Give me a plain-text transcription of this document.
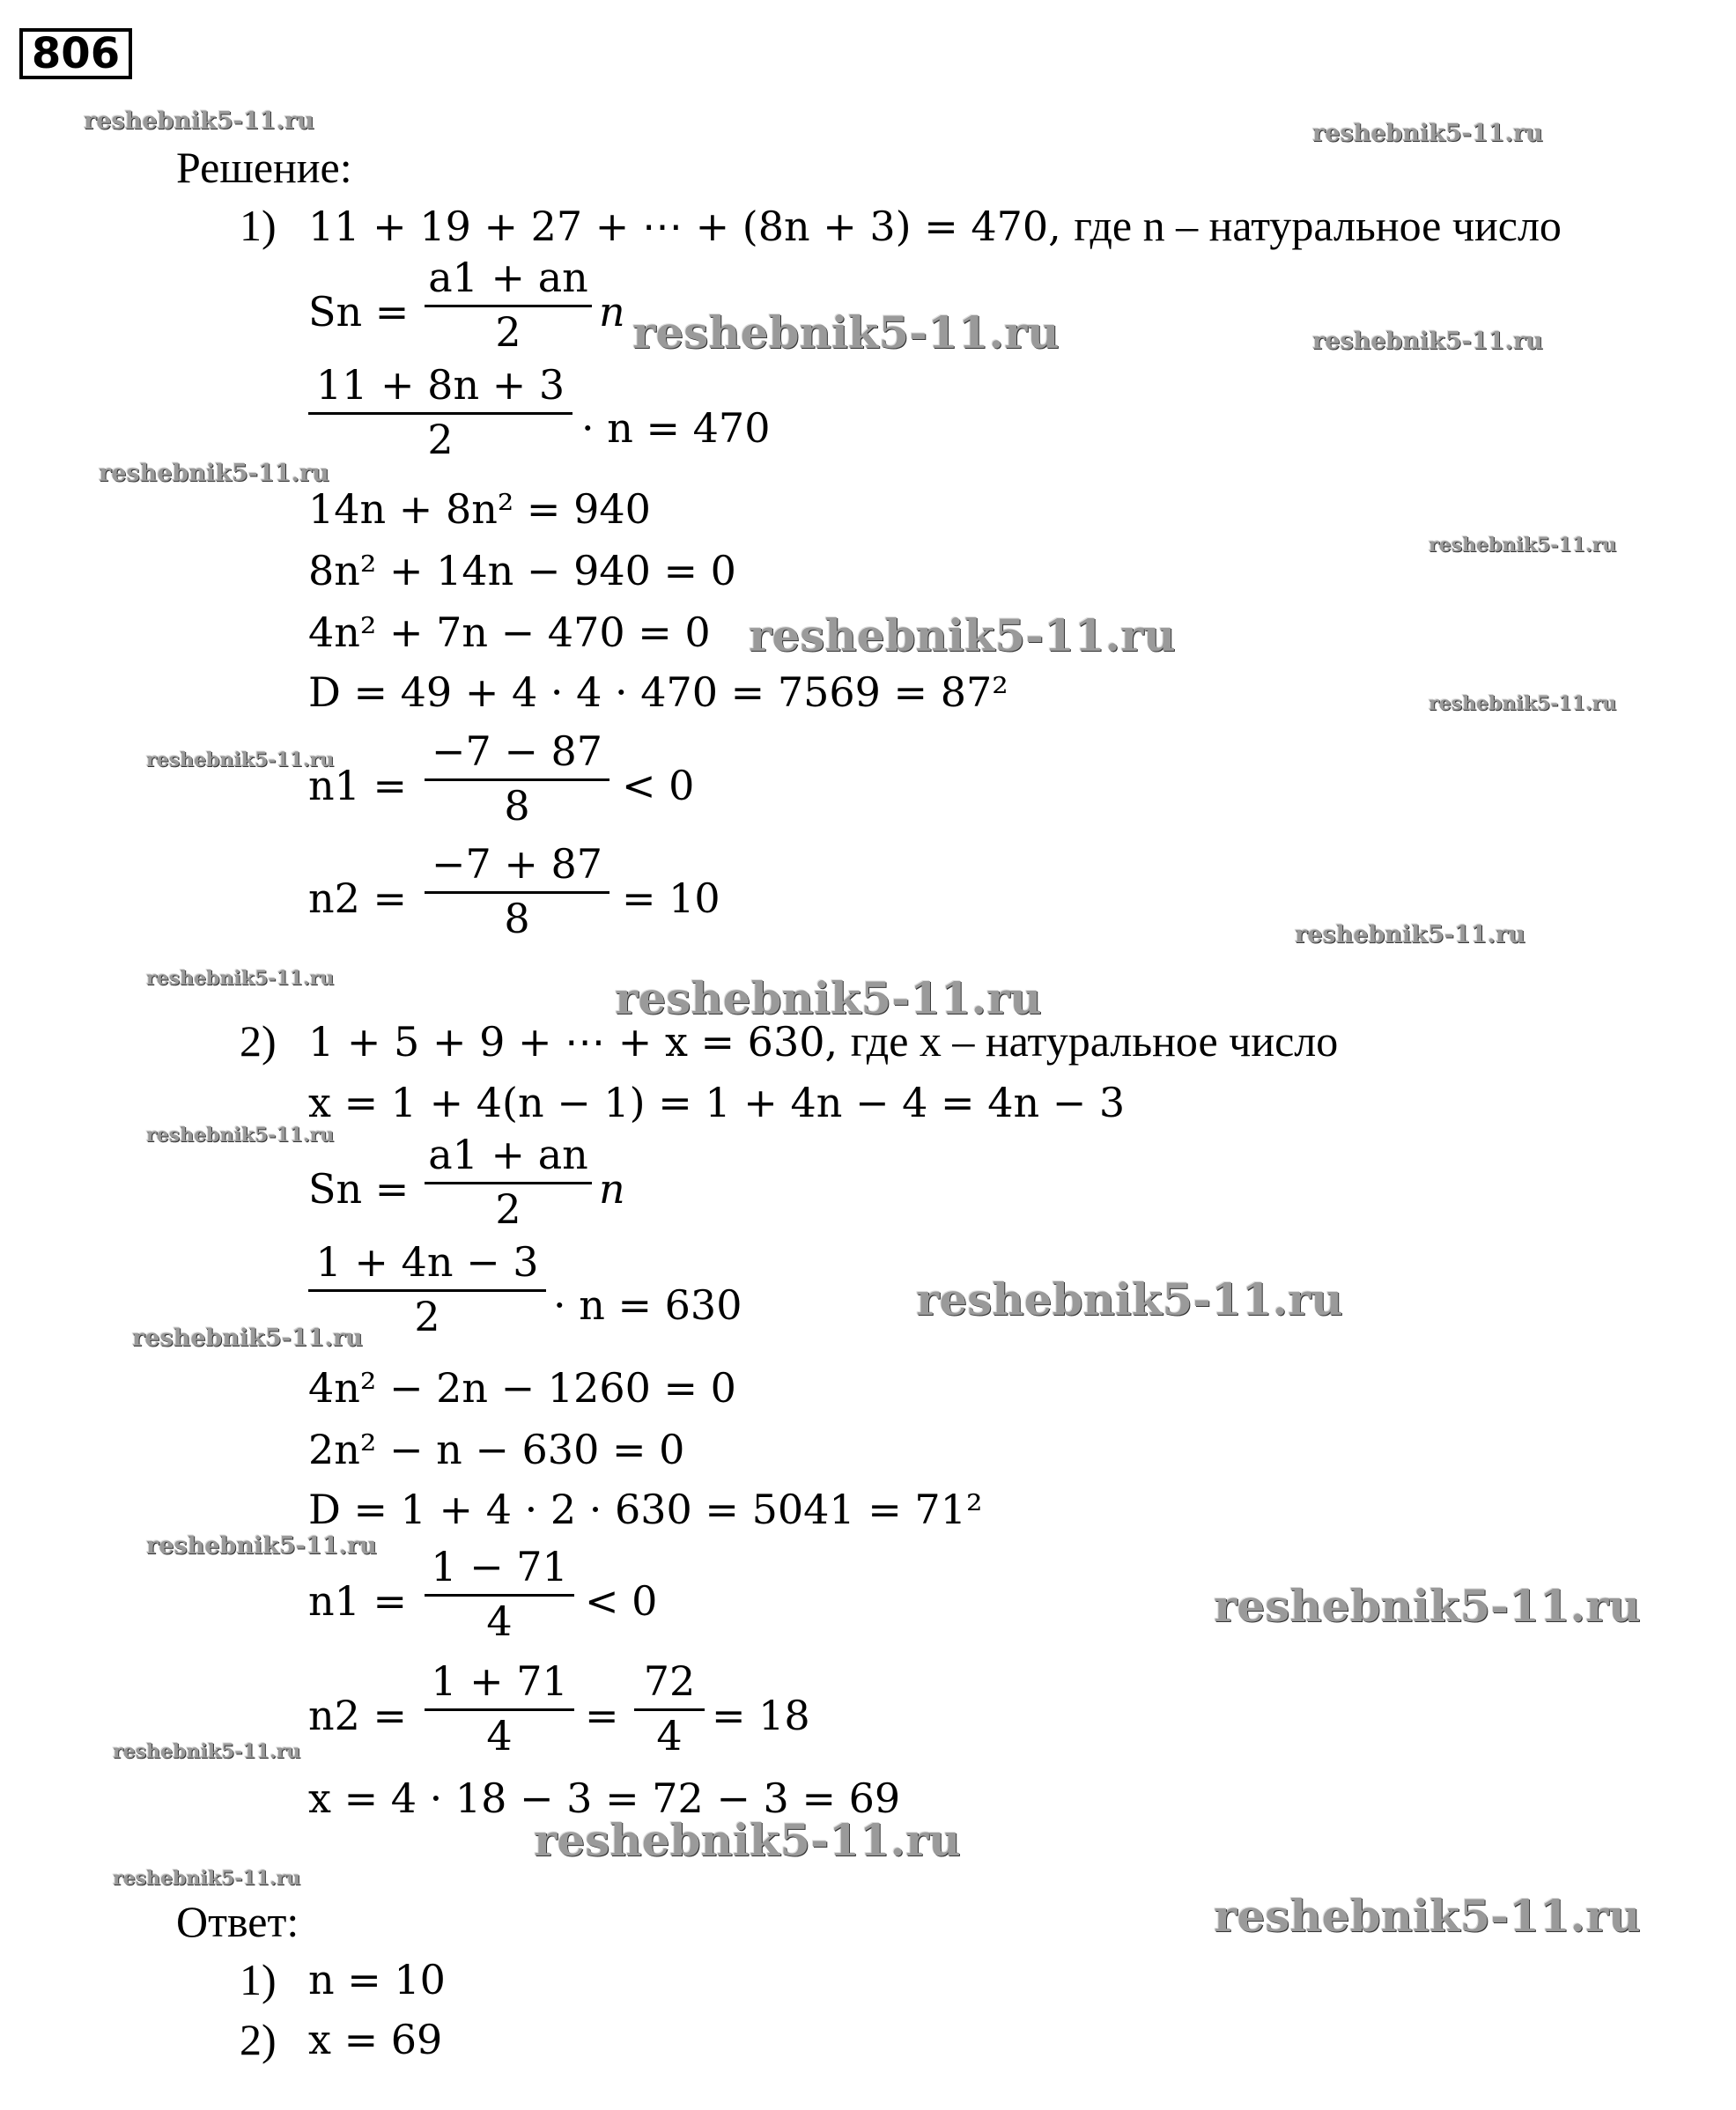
806
Решение:
1) 11 + 19 + 27 + ⋯ + (8n + 3) = 470, где n – натуральное число
Sn =
a1 + an
2	n
11 + 8n + 3
2	· n = 470
14n + 8n² = 940
8n² + 14n − 940 = 0
4n² + 7n − 470 = 0
D = 49 + 4 · 4 · 470 = 7569 = 87²
n1 =
−7 − 87
8	< 0
n2 =
−7 + 87
8	= 10
2) 1 + 5 + 9 + ⋯ + x = 630, где x – натуральное число
x = 1 + 4(n − 1) = 1 + 4n − 4 = 4n − 3
Sn =
a1 + an
2	n
1 + 4n − 3
2	· n = 630
4n² − 2n − 1260 = 0
2n² − n − 630 = 0
D = 1 + 4 · 2 · 630 = 5041 = 71²
n1 =
1 − 71
4	< 0
n2 =
1 + 71
4	=
72
4 = 18
x = 4 · 18 − 3 = 72 − 3 = 69
Ответ:
1) n = 10
2) x = 69
reshebnik5-11.ru	reshebnik5-11.ru
reshebnik5-11.ru	reshebnik5-11.ru
reshebnik5-11.ru
reshebnik5-11.ru
reshebnik5-11.ru
reshebnik5-11.ru
reshebnik5-11.ru
reshebnik5-11.ru
reshebnik5-11.ru	reshebnik5-11.ru
reshebnik5-11.ru
reshebnik5-11.ru
reshebnik5-11.ru
reshebnik5-11.ru
reshebnik5-11.ru
reshebnik5-11.ru
reshebnik5-11.ru
reshebnik5-11.ru
reshebnik5-11.ru
